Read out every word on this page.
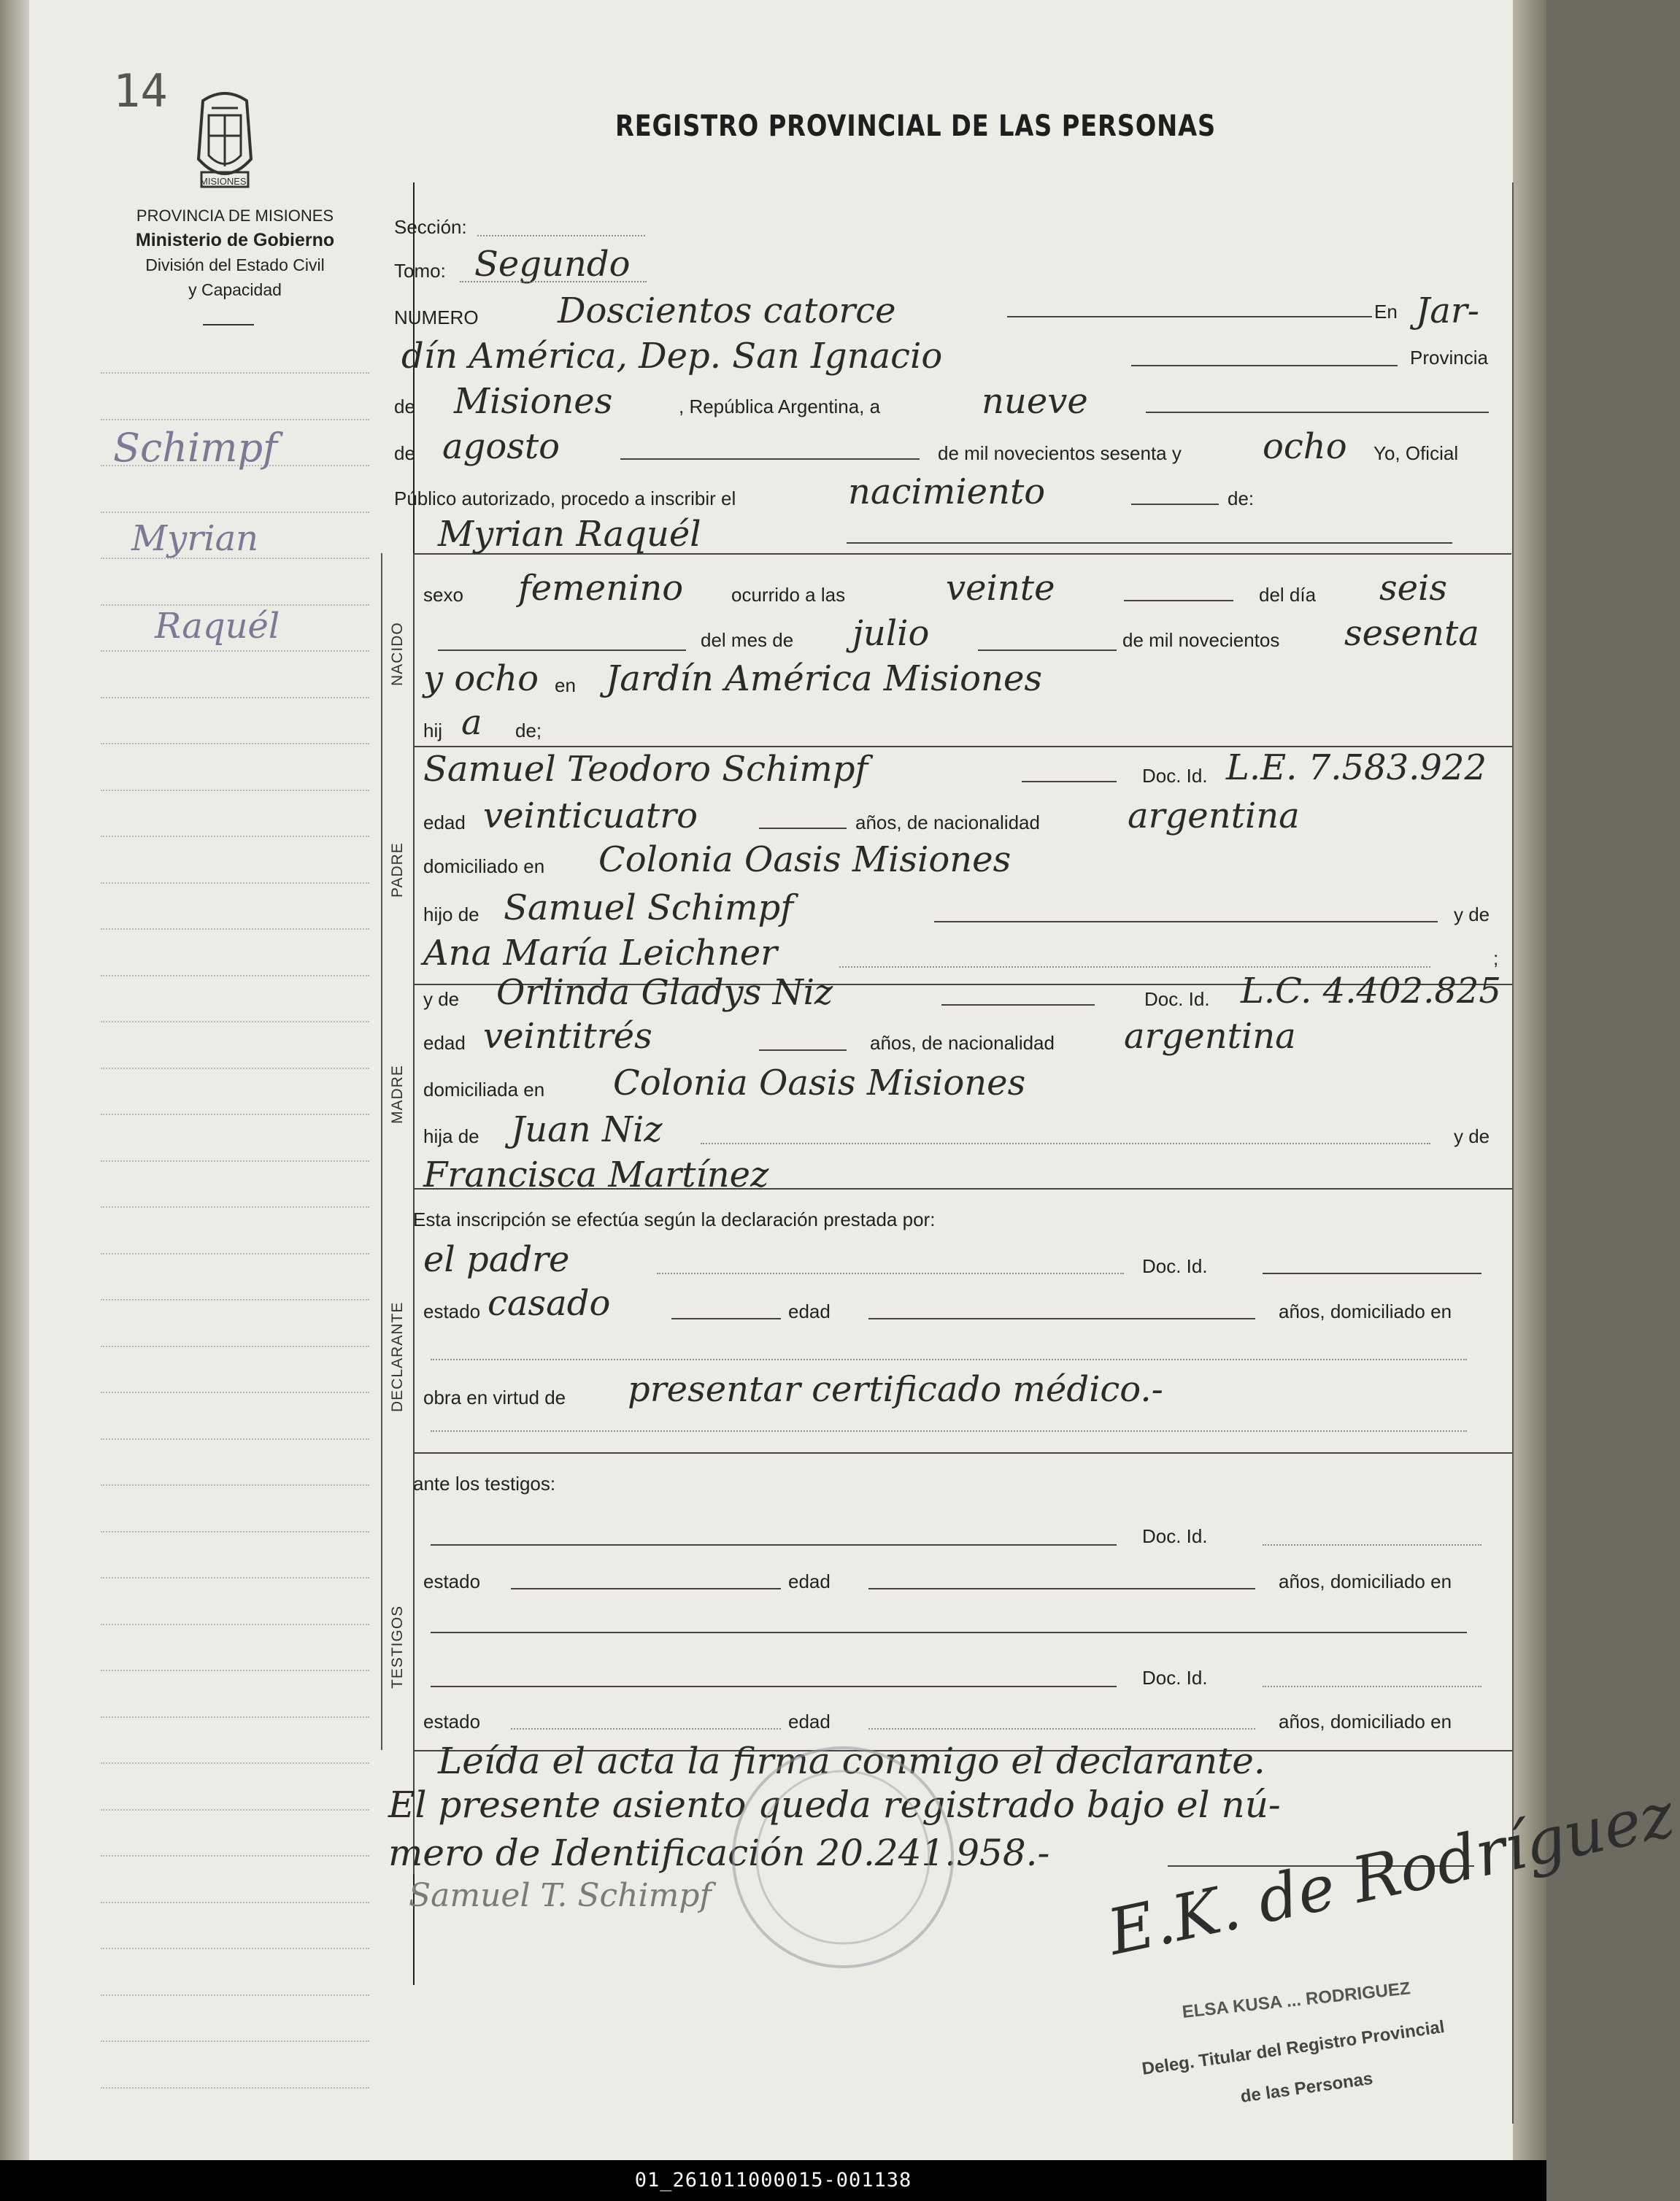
14
MISIONES
REGISTRO PROVINCIAL DE LAS PERSONAS
PROVINCIA DE MISIONES
Ministerio de Gobierno
División del Estado Civil
y Capacidad
Schimpf
Myrian
Raquél	NACIDO
PADRE
MADRE
DECLARANTE
TESTIGOS
Sección:
Tomo: Segundo
NUMERO Doscientos catorce	En Jar-
dín América, Dep. San Ignacio	Provincia
de Misiones	, República Argentina, a	nueve
de agosto	de mil novecientos sesenta y ocho Yo, Oficial
Público autorizado, procedo a inscribir el	nacimiento	de:
Myrian Raquél
sexo femenino	ocurrido a las	veinte	del día seis
del mes de julio	de mil novecientos sesenta
y ocho en Jardín América Misiones
hij a de;
Samuel Teodoro Schimpf	Doc. Id. L.E. 7.583.922
edad veinticuatro	años, de nacionalidad	argentina
domiciliado en Colonia Oasis Misiones
hijo de Samuel Schimpf	y de
Ana María Leichner	;
y de Orlinda Gladys Niz	Doc. Id. L.C. 4.402.825
edad veintitrés	años, de nacionalidad argentina
domiciliada en Colonia Oasis Misiones
hija de Juan Niz	y de
Francisca Martínez
Esta inscripción se efectúa según la declaración prestada por:
el padre	Doc. Id.
estado casado	edad	años, domiciliado en
obra en virtud de presentar certificado médico.-
ante los testigos:
Doc. Id.
estado	edad	años, domiciliado en
Doc. Id.
estado	edad	años, domiciliado en
Leída el acta la firma conmigo el declarante.
El presente asiento queda registrado bajo el nú-
mero de Identificación 20.241.958.-
Samuel T. Schimpf	E.K. de Rodríguez
ELSA KUSA ... RODRIGUEZ
Deleg. Titular del Registro Provincial
de las Personas
01_261011000015-001138
